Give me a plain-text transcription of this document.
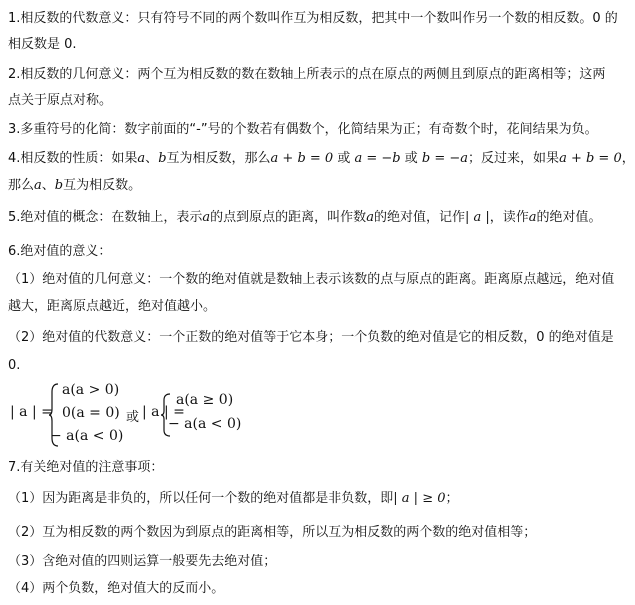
1.相反数的代数意义：只有符号不同的两个数叫作互为相反数，把其中一个数叫作另一个数的相反数。0 的
相反数是 0.
2.相反数的几何意义：两个互为相反数的数在数轴上所表示的点在原点的两侧且到原点的距离相等；这两
点关于原点对称。
3.多重符号的化简：数字前面的“-”号的个数若有偶数个，化简结果为正；有奇数个时，花间结果为负。
4.相反数的性质：如果a、b互为相反数，那么a + b = 0 或 a = −b 或 b = −a；反过来，如果a + b = 0，
那么a、b互为相反数。
5.绝对值的概念：在数轴上，表示a的点到原点的距离，叫作数a的绝对值，记作| a |，读作a的绝对值。
6.绝对值的意义：
（1）绝对值的几何意义：一个数的绝对值就是数轴上表示该数的点与原点的距离。距离原点越远，绝对值
越大，距离原点越近，绝对值越小。
（2）绝对值的代数意义：一个正数的绝对值等于它本身；一个负数的绝对值是它的相反数，0 的绝对值是
0.
| a | =
a(a > 0)
0(a = 0)
− a(a < 0)
或 | a | =
a(a ≥ 0)
− a(a < 0)
7.有关绝对值的注意事项：
（1）因为距离是非负的，所以任何一个数的绝对值都是非负数，即| a | ≥ 0；
（2）互为相反数的两个数因为到原点的距离相等，所以互为相反数的两个数的绝对值相等；
（3）含绝对值的四则运算一般要先去绝对值；
（4）两个负数，绝对值大的反而小。
